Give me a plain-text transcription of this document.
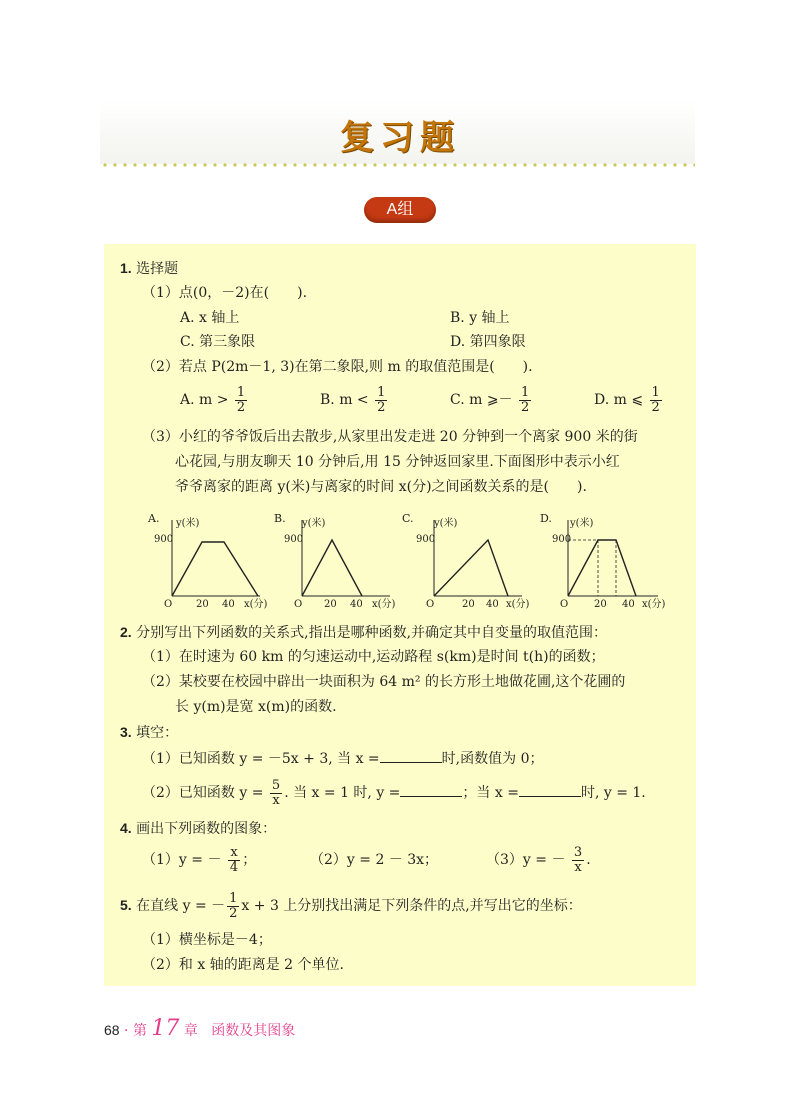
复习题
A组
1. 选择题
（1）点(0，－2)在(　　).
A. x 轴上	B. y 轴上
C. 第三象限	D. 第四象限
（2）若点 P(2m－1, 3)在第二象限,则 m 的取值范围是(　　).
A. $m > \frac{1}{2}$	B. $m < \frac{1}{2}$	C. m ⩾－ $\frac{1}{2}$	D. m ⩽ $\frac{1}{2}$
（3）小红的爷爷饭后出去散步,从家里出发走进 20 分钟到一个离家 900 米的街
心花园,与朋友聊天 10 分钟后,用 15 分钟返回家里.下面图形中表示小红
爷爷离家的距离 y(米)与离家的时间 x(分)之间函数关系的是(　　).
A. y(米)
900
O 20 40 x(分)
B. y(米)
900
O 20 40 x(分)
C. y(米)
900
O	20 40 x(分)
D. y(米)
900
O	20 40 x(分)
2. 分别写出下列函数的关系式,指出是哪种函数,并确定其中自变量的取值范围：
（1）在时速为 60 km 的匀速运动中,运动路程 s(km)是时间 t(h)的函数；
（2）某校要在校园中辟出一块面积为 64 m² 的长方形土地做花圃,这个花圃的
长 y(m)是宽 x(m)的函数.
3. 填空：
（1）已知函数 y = －5x + 3, 当 x =	时,函数值为 0；
（2）已知函数 $y = \frac{5}{x}$ . 当 x = 1 时, y =	；当 x =	时, y = 1.
4. 画出下列函数的图象：
（1）y = － $\frac{x}{4}$ ；	（2）y = 2 － 3x；	（3）y = － $\frac{3}{x}$ .
5. 在直线 y = － $\frac{1}{2}$ x + 3 上分别找出满足下列条件的点,并写出它的坐标：
（1）横坐标是－4；
（2）和 x 轴的距离是 2 个单位.
68 · 第 17 章 函数及其图象
